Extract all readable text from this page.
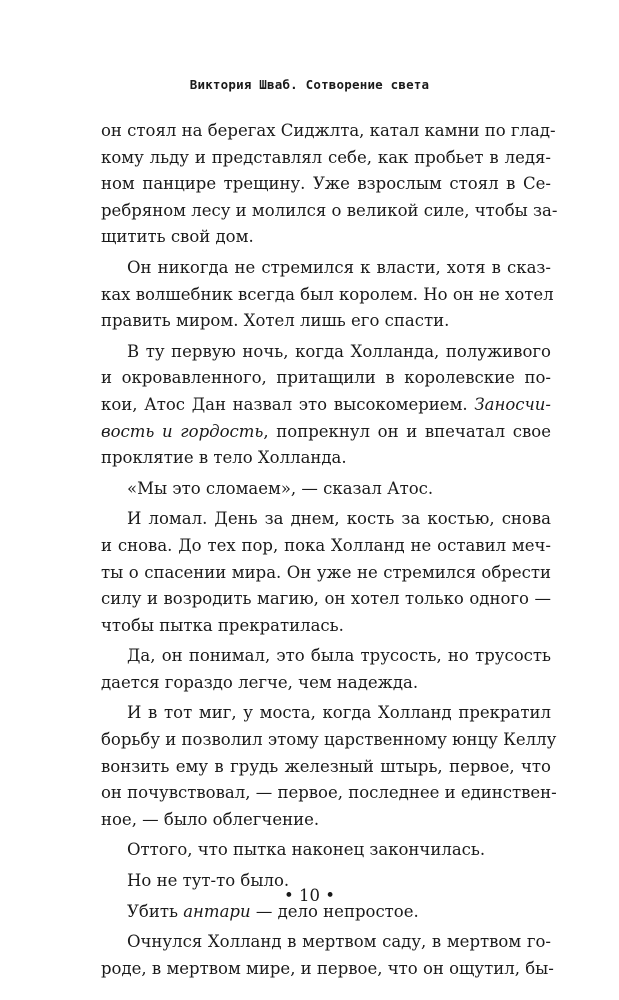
Виктория Шваб. Сотворение света
он стоял на берегах Сиджлта, катал камни по глад-
кому льду и представлял себе, как пробьет в ледя-
ном панцире трещину. Уже взрослым стоял в Се-
ребряном лесу и молился о великой силе, чтобы за-
щитить свой дом.
Он никогда не стремился к власти, хотя в сказ-
ках волшебник всегда был королем. Но он не хотел
править миром. Хотел лишь его спасти.
В ту первую ночь, когда Холланда, полуживого
и окровавленного, притащили в королевские по-
кои, Атос Дан назвал это высокомерием. Заносчи-
вость и гордость, попрекнул он и впечатал свое
проклятие в тело Холланда.
«Мы это сломаем», — сказал Атос.
И ломал. День за днем, кость за костью, снова
и снова. До тех пор, пока Холланд не оставил меч-
ты о спасении мира. Он уже не стремился обрести
силу и возродить магию, он хотел только одного —
чтобы пытка прекратилась.
Да, он понимал, это была трусость, но трусость
дается гораздо легче, чем надежда.
И в тот миг, у моста, когда Холланд прекратил
борьбу и позволил этому царственному юнцу Келлу
вонзить ему в грудь железный штырь, первое, что
он почувствовал, — первое, последнее и единствен-
ное, — было облегчение.
Оттого, что пытка наконец закончилась.
Но не тут-то было.
Убить антари — дело непростое.
Очнулся Холланд в мертвом саду, в мертвом го-
роде, в мертвом мире, и первое, что он ощутил, бы-
• 10 •
